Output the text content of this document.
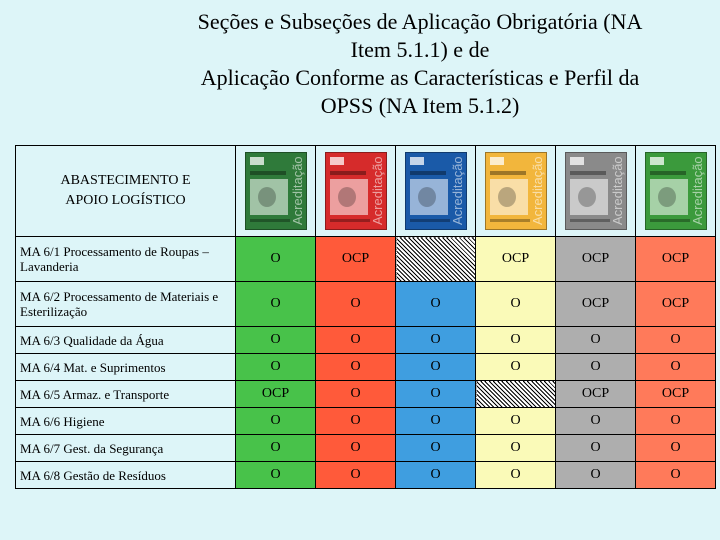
Seções e Subseções de Aplicação Obrigatória (NA
Item 5.1.1) e de
Aplicação Conforme as Características e Perfil da
OPSS (NA Item 5.1.2)
ABASTECIMENTO E
APOIO LOGÍSTICO	Acreditação	Acreditação	Acreditação	Acreditação	Acreditação	Acreditação

MA 6/1 Processamento de Roupas – Lavanderia	O	OCP		OCP	OCP	OCP
MA 6/2 Processamento de Materiais e Esterilização	O	O	O	O	OCP	OCP
MA 6/3 Qualidade da Água	O	O	O	O	O	O
MA 6/4 Mat. e Suprimentos	O	O	O	O	O	O
MA 6/5 Armaz. e Transporte	OCP	O	O		OCP	OCP
MA 6/6 Higiene	O	O	O	O	O	O
MA 6/7 Gest. da Segurança	O	O	O	O	O	O
MA 6/8 Gestão de Resíduos	O	O	O	O	O	O
